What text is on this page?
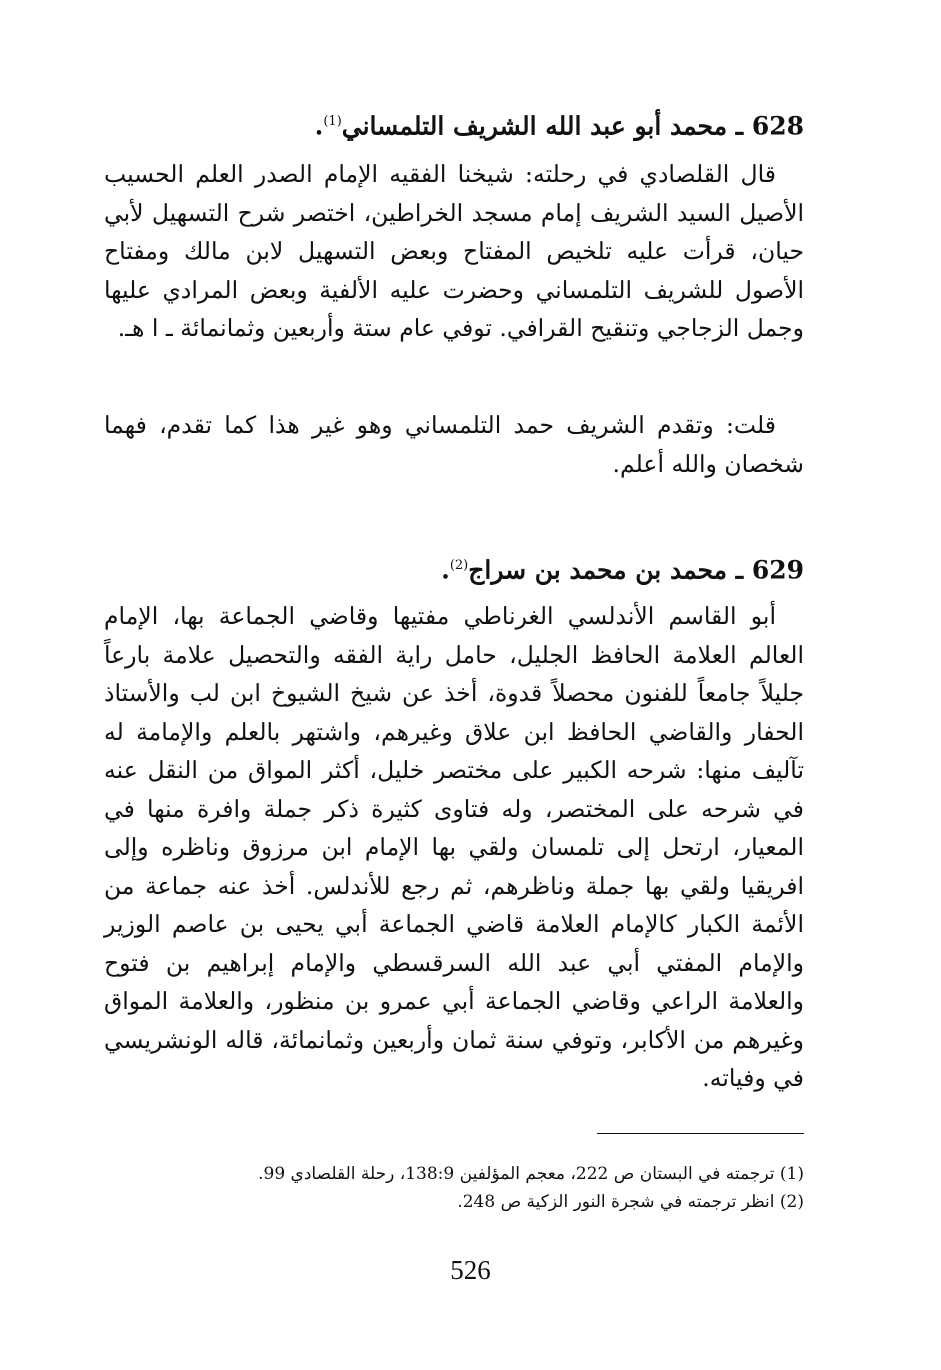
628 ـ محمد أبو عبد الله الشريف التلمساني$^{(1)}$.

قال القلصادي في رحلته: شيخنا الفقيه الإمام الصدر العلم الحسيب الأصيل السيد الشريف إمام مسجد الخراطين، اختصر شرح التسهيل لأبي حيان، قرأت عليه تلخيص المفتاح وبعض التسهيل لابن مالك ومفتاح الأصول للشريف التلمساني وحضرت عليه الألفية وبعض المرادي عليها وجمل الزجاجي وتنقيح القرافي. توفي عام ستة وأربعين وثمانمائة ـ ا هـ.

قلت: وتقدم الشريف حمد التلمساني وهو غير هذا كما تقدم، فهما شخصان والله أعلم.

629 ـ محمد بن محمد بن سراج$^{(2)}$.

أبو القاسم الأندلسي الغرناطي مفتيها وقاضي الجماعة بها، الإمام العالم العلامة الحافظ الجليل، حامل راية الفقه والتحصيل علامة بارعاً جليلاً جامعاً للفنون محصلاً قدوة، أخذ عن شيخ الشيوخ ابن لب والأستاذ الحفار والقاضي الحافظ ابن علاق وغيرهم، واشتهر بالعلم والإمامة له تآليف منها: شرحه الكبير على مختصر خليل، أكثر المواق من النقل عنه في شرحه على المختصر، وله فتاوى كثيرة ذكر جملة وافرة منها في المعيار، ارتحل إلى تلمسان ولقي بها الإمام ابن مرزوق وناظره وإلى افريقيا ولقي بها جملة وناظرهم، ثم رجع للأندلس. أخذ عنه جماعة من الأئمة الكبار كالإمام العلامة قاضي الجماعة أبي يحيى بن عاصم الوزير والإمام المفتي أبي عبد الله السرقسطي والإمام إبراهيم بن فتوح والعلامة الراعي وقاضي الجماعة أبي عمرو بن منظور، والعلامة المواق وغيرهم من الأكابر، وتوفي سنة ثمان وأربعين وثمانمائة، قاله الونشريسي في وفياته.

(1) ترجمته في البستان ص 222، معجم المؤلفين 138:9، رحلة القلصادي 99.
(2) انظر ترجمته في شجرة النور الزكية ص 248.
526
